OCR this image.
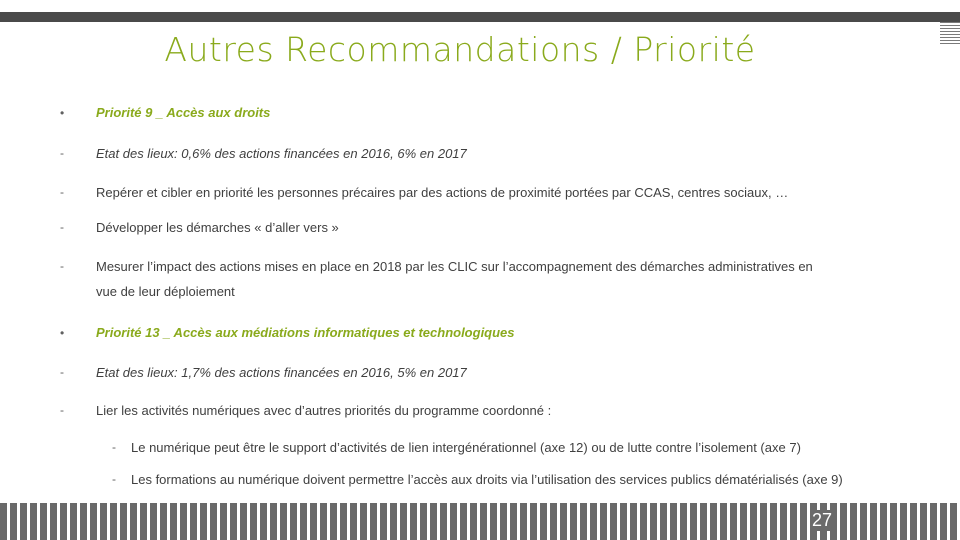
Autres Recommandations / Priorité
• Priorité 9 _ Accès aux droits
- Etat des lieux: 0,6% des actions financées en 2016, 6% en 2017
- Repérer et cibler en priorité les personnes précaires par des actions de proximité portées par CCAS, centres sociaux, …
- Développer les démarches « d’aller vers »
- Mesurer l’impact des actions mises en place en 2018 par les CLIC sur l’accompagnement des démarches administratives en
vue de leur déploiement
• Priorité 13 _ Accès aux médiations informatiques et technologiques
- Etat des lieux: 1,7% des actions financées en 2016, 5% en 2017
- Lier les activités numériques avec d’autres priorités du programme coordonné :
- Le numérique peut être le support d’activités de lien intergénérationnel (axe 12) ou de lutte contre l’isolement (axe 7)
- Les formations au numérique doivent permettre l’accès aux droits via l’utilisation des services publics dématérialisés (axe 9)
27
